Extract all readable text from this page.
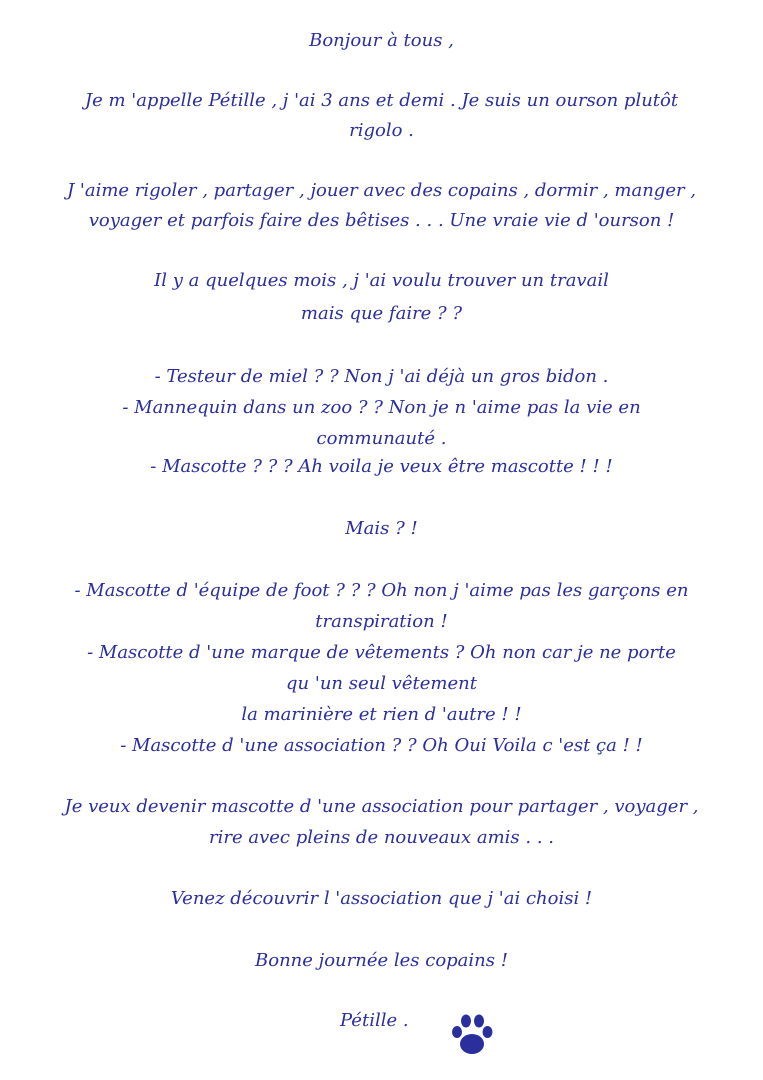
Bonjour à tous ,
Je m 'appelle Pétille , j 'ai 3 ans et demi . Je suis un ourson plutôt
rigolo .
J 'aime rigoler , partager , jouer avec des copains , dormir , manger ,
voyager et parfois faire des bêtises . . . Une vraie vie d 'ourson !
Il y a quelques mois , j 'ai voulu trouver un travail
mais que faire ? ?
- Testeur de miel ? ? Non j 'ai déjà un gros bidon .
- Mannequin dans un zoo ? ? Non je n 'aime pas la vie en
communauté .
- Mascotte ? ? ? Ah voila je veux être mascotte ! ! !
Mais ? !
- Mascotte d 'équipe de foot ? ? ? Oh non j 'aime pas les garçons en
transpiration !
- Mascotte d 'une marque de vêtements ? Oh non car je ne porte
qu 'un seul vêtement
la marinière et rien d 'autre ! !
- Mascotte d 'une association ? ? Oh Oui Voila c 'est ça ! !
Je veux devenir mascotte d 'une association pour partager , voyager ,
rire avec pleins de nouveaux amis . . .
Venez découvrir l 'association que j 'ai choisi !
Bonne journée les copains !
Pétille .
